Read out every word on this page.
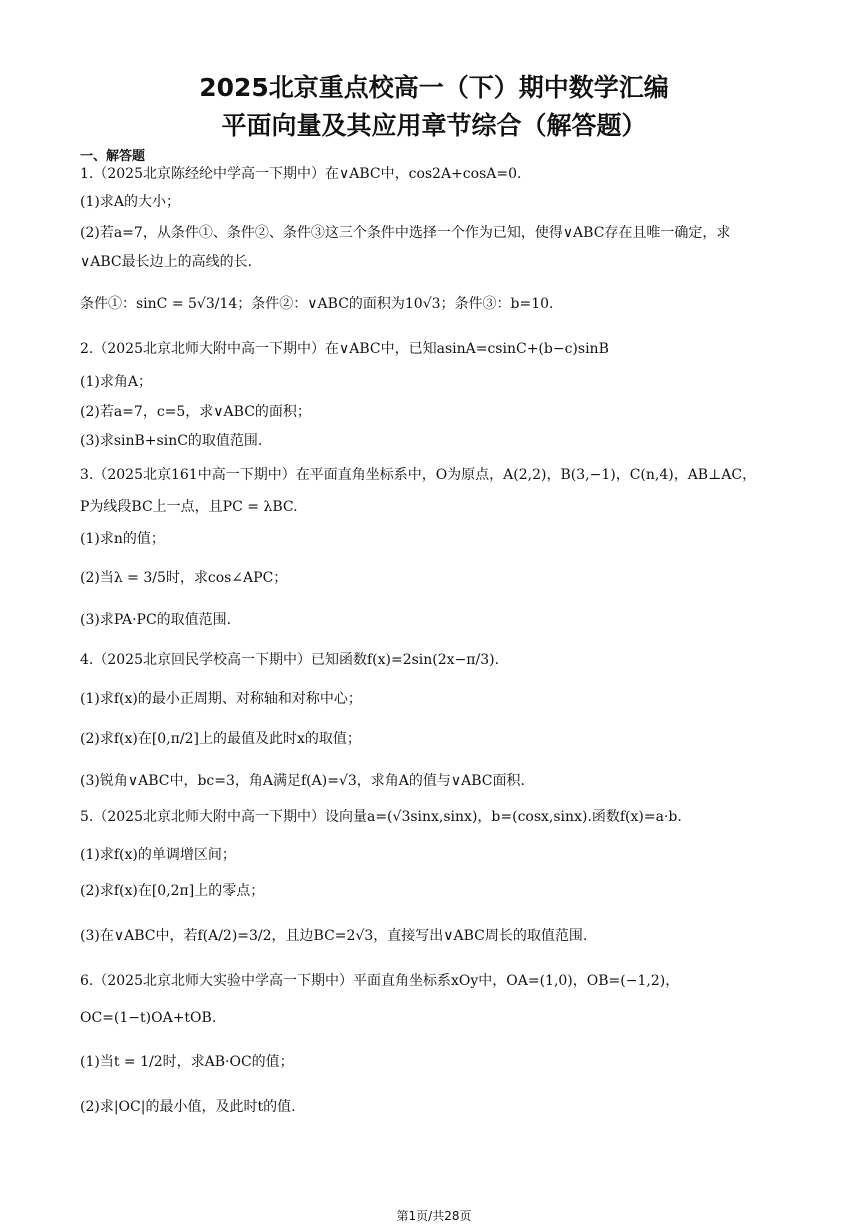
2025北京重点校高一（下）期中数学汇编
平面向量及其应用章节综合（解答题）
一、解答题
1.（2025北京陈经纶中学高一下期中）在∨ABC中，cos2A+cosA=0.
(1)求A的大小；
(2)若a=7，从条件①、条件②、条件③这三个条件中选择一个作为已知，使得∨ABC存在且唯一确定，求
∨ABC最长边上的高线的长.
条件①：sinC = 5√3/14；条件②：∨ABC的面积为10√3；条件③：b=10.
2.（2025北京北师大附中高一下期中）在∨ABC中，已知asinA=csinC+(b−c)sinB
(1)求角A；
(2)若a=7，c=5，求∨ABC的面积；
(3)求sinB+sinC的取值范围.
3.（2025北京161中高一下期中）在平面直角坐标系中，O为原点，A(2,2)，B(3,−1)，C(n,4)，AB⊥AC，
P为线段BC上一点，且PC = λBC.
(1)求n的值；
(2)当λ = 3/5时，求cos∠APC；
(3)求PA·PC的取值范围.
4.（2025北京回民学校高一下期中）已知函数f(x)=2sin(2x−π/3).
(1)求f(x)的最小正周期、对称轴和对称中心；
(2)求f(x)在[0,π/2]上的最值及此时x的取值；
(3)锐角∨ABC中，bc=3，角A满足f(A)=√3，求角A的值与∨ABC面积.
5.（2025北京北师大附中高一下期中）设向量a=(√3sinx,sinx)，b=(cosx,sinx).函数f(x)=a·b.
(1)求f(x)的单调增区间；
(2)求f(x)在[0,2π]上的零点；
(3)在∨ABC中，若f(A/2)=3/2，且边BC=2√3，直接写出∨ABC周长的取值范围.
6.（2025北京北师大实验中学高一下期中）平面直角坐标系xOy中，OA=(1,0)，OB=(−1,2)，
OC=(1−t)OA+tOB.
(1)当t = 1/2时，求AB·OC的值；
(2)求|OC|的最小值，及此时t的值.
第1页/共28页
